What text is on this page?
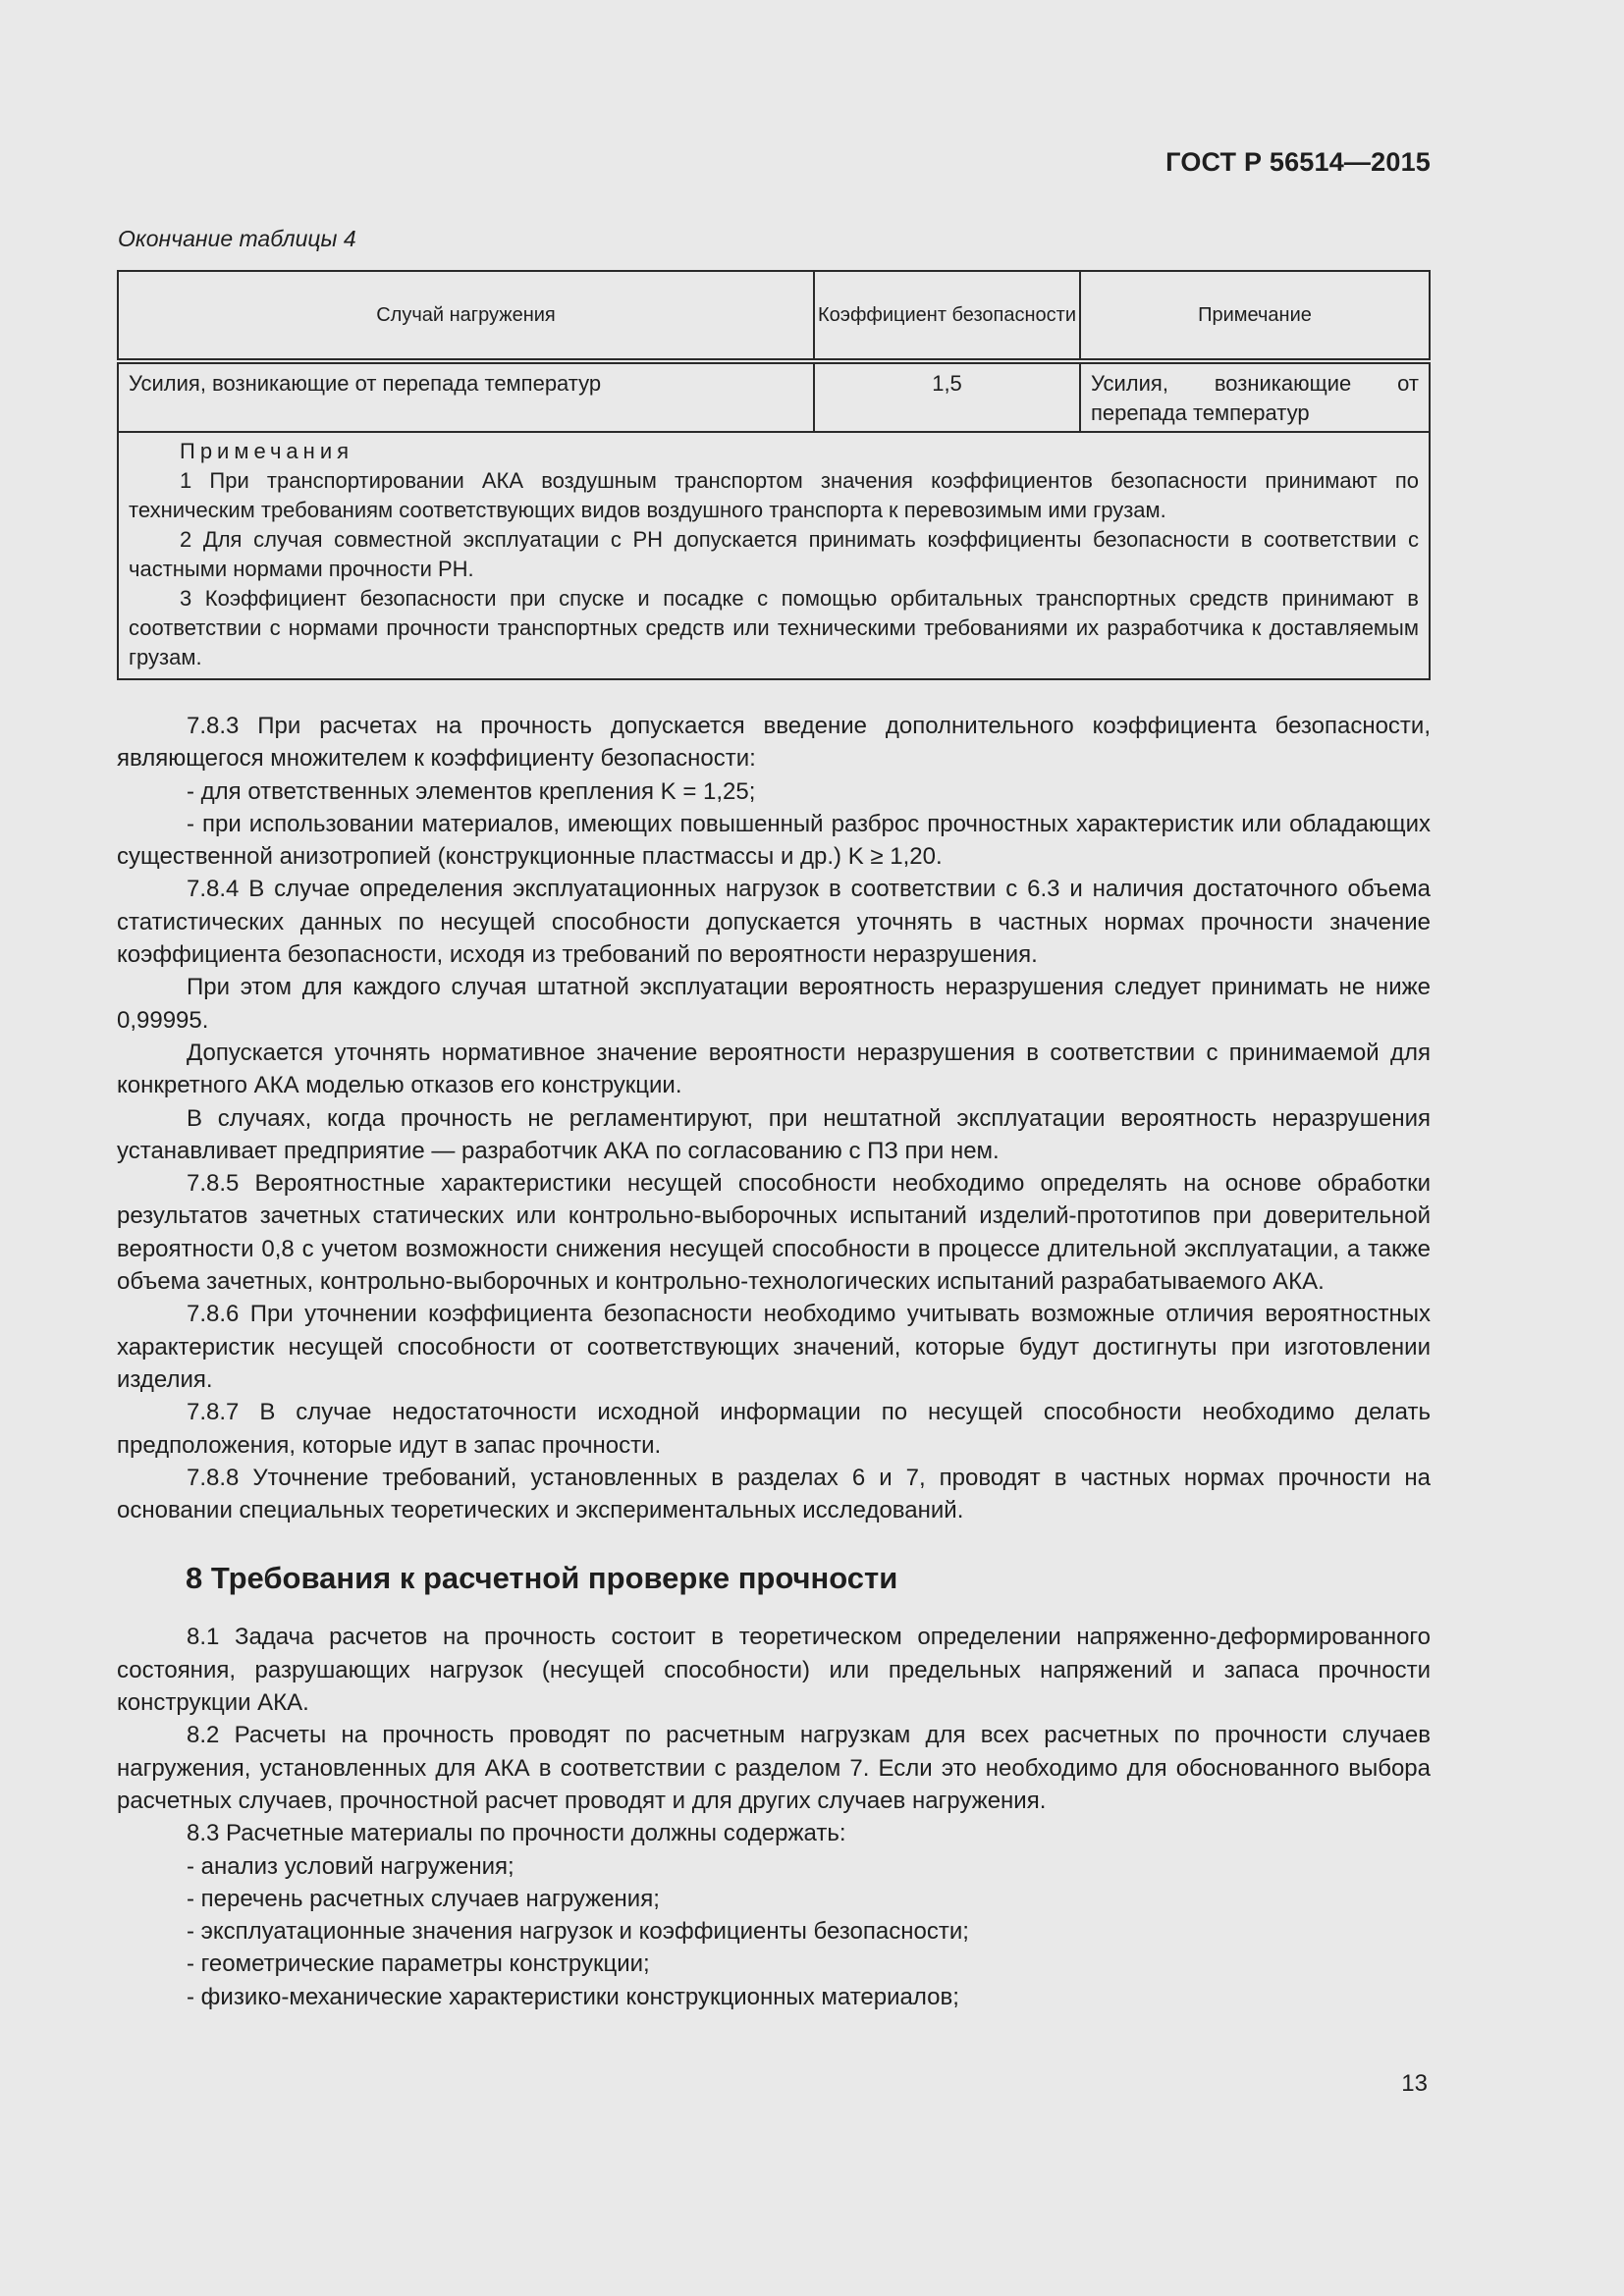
ГОСТ Р 56514—2015
Окончание таблицы 4
Случай нагружения	Коэффициент безопасности	Примечание
Усилия, возникающие от перепада температур	1,5	Усилия, возникающие от перепада температур

Примечания

1 При транспортировании АКА воздушным транспортом значения коэффициентов безопасности принимают по техническим требованиям соответствующих видов воздушного транспорта к перевозимым ими грузам.

2 Для случая совместной эксплуатации с РН допускается принимать коэффициенты безопасности в соответствии с частными нормами прочности РН.

3 Коэффициент безопасности при спуске и посадке с помощью орбитальных транспортных средств принимают в соответствии с нормами прочности транспортных средств или техническими требованиями их разработчика к доставляемым грузам.		

7.8.3 При расчетах на прочность допускается введение дополнительного коэффициента безопасности, являющегося множителем к коэффициенту безопасности:

- для ответственных элементов крепления K = 1,25;

- при использовании материалов, имеющих повышенный разброс прочностных характеристик или обладающих существенной анизотропией (конструкционные пластмассы и др.) K ≥ 1,20.

7.8.4 В случае определения эксплуатационных нагрузок в соответствии с 6.3 и наличия достаточного объема статистических данных по несущей способности допускается уточнять в частных нормах прочности значение коэффициента безопасности, исходя из требований по вероятности неразрушения.

При этом для каждого случая штатной эксплуатации вероятность неразрушения следует принимать не ниже 0,99995.

Допускается уточнять нормативное значение вероятности неразрушения в соответствии с принимаемой для конкретного АКА моделью отказов его конструкции.

В случаях, когда прочность не регламентируют, при нештатной эксплуатации вероятность неразрушения устанавливает предприятие — разработчик АКА по согласованию с ПЗ при нем.

7.8.5 Вероятностные характеристики несущей способности необходимо определять на основе обработки результатов зачетных статических или контрольно-выборочных испытаний изделий-прототипов при доверительной вероятности 0,8 с учетом возможности снижения несущей способности в процессе длительной эксплуатации, а также объема зачетных, контрольно-выборочных и контрольно-технологических испытаний разрабатываемого АКА.

7.8.6 При уточнении коэффициента безопасности необходимо учитывать возможные отличия вероятностных характеристик несущей способности от соответствующих значений, которые будут достигнуты при изготовлении изделия.

7.8.7 В случае недостаточности исходной информации по несущей способности необходимо делать предположения, которые идут в запас прочности.

7.8.8 Уточнение требований, установленных в разделах 6 и 7, проводят в частных нормах прочности на основании специальных теоретических и экспериментальных исследований.

8 Требования к расчетной проверке прочности

8.1 Задача расчетов на прочность состоит в теоретическом определении напряженно-деформированного состояния, разрушающих нагрузок (несущей способности) или предельных напряжений и запаса прочности конструкции АКА.

8.2 Расчеты на прочность проводят по расчетным нагрузкам для всех расчетных по прочности случаев нагружения, установленных для АКА в соответствии с разделом 7. Если это необходимо для обоснованного выбора расчетных случаев, прочностной расчет проводят и для других случаев нагружения.

8.3 Расчетные материалы по прочности должны содержать:

- анализ условий нагружения;

- перечень расчетных случаев нагружения;

- эксплуатационные значения нагрузок и коэффициенты безопасности;

- геометрические параметры конструкции;

- физико-механические характеристики конструкционных материалов;

13
